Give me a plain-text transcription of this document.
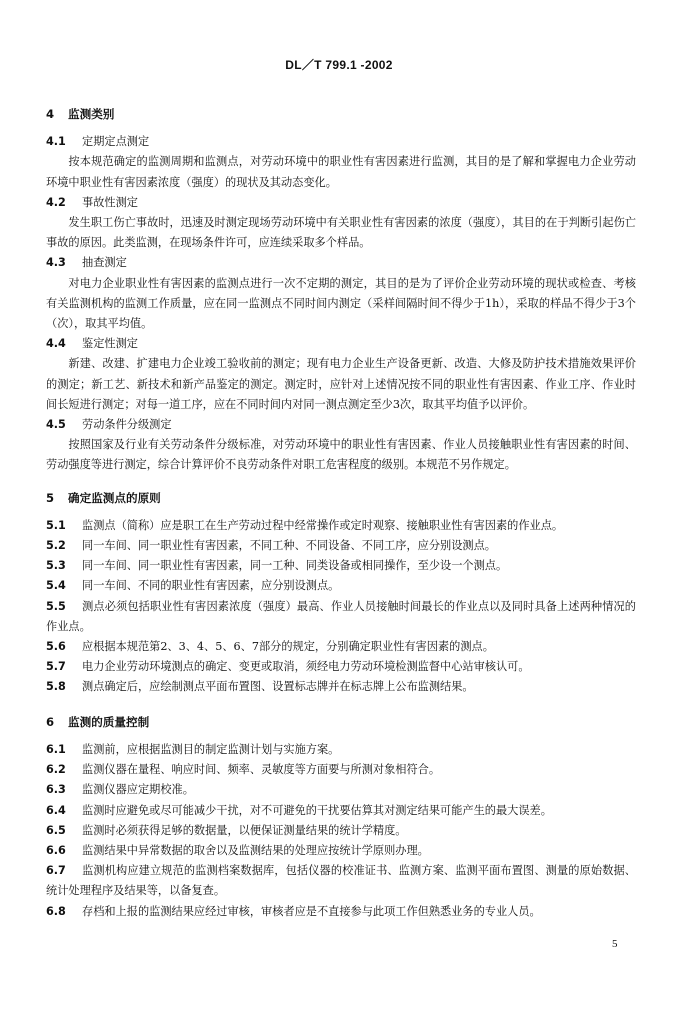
DL／T 799.1 -2002
4 监测类别
4.1 定期定点测定

按本规范确定的监测周期和监测点，对劳动环境中的职业性有害因素进行监测，其目的是了解和掌握电力企业劳动环境中职业性有害因素浓度（强度）的现状及其动态变化。

4.2 事故性测定

发生职工伤亡事故时，迅速及时测定现场劳动环境中有关职业性有害因素的浓度（强度），其目的在于判断引起伤亡事故的原因。此类监测，在现场条件许可，应连续采取多个样品。

4.3 抽查测定

对电力企业职业性有害因素的监测点进行一次不定期的测定，其目的是为了评价企业劳动环境的现状或检查、考核有关监测机构的监测工作质量，应在同一监测点不同时间内测定（采样间隔时间不得少于1h），采取的样品不得少于3个（次），取其平均值。

4.4 鉴定性测定

新建、改建、扩建电力企业竣工验收前的测定；现有电力企业生产设备更新、改造、大修及防护技术措施效果评价的测定；新工艺、新技术和新产品鉴定的测定。测定时，应针对上述情况按不同的职业性有害因素、作业工序、作业时间长短进行测定；对每一道工序，应在不同时间内对同一测点测定至少3次，取其平均值予以评价。

4.5 劳动条件分级测定

按照国家及行业有关劳动条件分级标准，对劳动环境中的职业性有害因素、作业人员接触职业性有害因素的时间、劳动强度等进行测定，综合计算评价不良劳动条件对职工危害程度的级别。本规范不另作规定。

5 确定监测点的原则

5.1 监测点（简称）应是职工在生产劳动过程中经常操作或定时观察、接触职业性有害因素的作业点。

5.2 同一车间、同一职业性有害因素，不同工种、不同设备、不同工序，应分别设测点。

5.3 同一车间、同一职业性有害因素，同一工种、同类设备或相同操作，至少设一个测点。

5.4 同一车间、不同的职业性有害因素，应分别设测点。

5.5 测点必须包括职业性有害因素浓度（强度）最高、作业人员接触时间最长的作业点以及同时具备上述两种情况的作业点。

5.6 应根据本规范第2、3、4、5、6、7部分的规定，分别确定职业性有害因素的测点。

5.7 电力企业劳动环境测点的确定、变更或取消，须经电力劳动环境检测监督中心站审核认可。

5.8 测点确定后，应绘制测点平面布置图、设置标志牌并在标志牌上公布监测结果。

6 监测的质量控制

6.1 监测前，应根据监测目的制定监测计划与实施方案。

6.2 监测仪器在量程、响应时间、频率、灵敏度等方面要与所测对象相符合。

6.3 监测仪器应定期校准。

6.4 监测时应避免或尽可能减少干扰，对不可避免的干扰要估算其对测定结果可能产生的最大误差。

6.5 监测时必须获得足够的数据量，以便保证测量结果的统计学精度。

6.6 监测结果中异常数据的取舍以及监测结果的处理应按统计学原则办理。

6.7 监测机构应建立规范的监测档案数据库，包括仪器的校准证书、监测方案、监测平面布置图、测量的原始数据、统计处理程序及结果等，以备复查。

6.8 存档和上报的监测结果应经过审核，审核者应是不直接参与此项工作但熟悉业务的专业人员。

5
